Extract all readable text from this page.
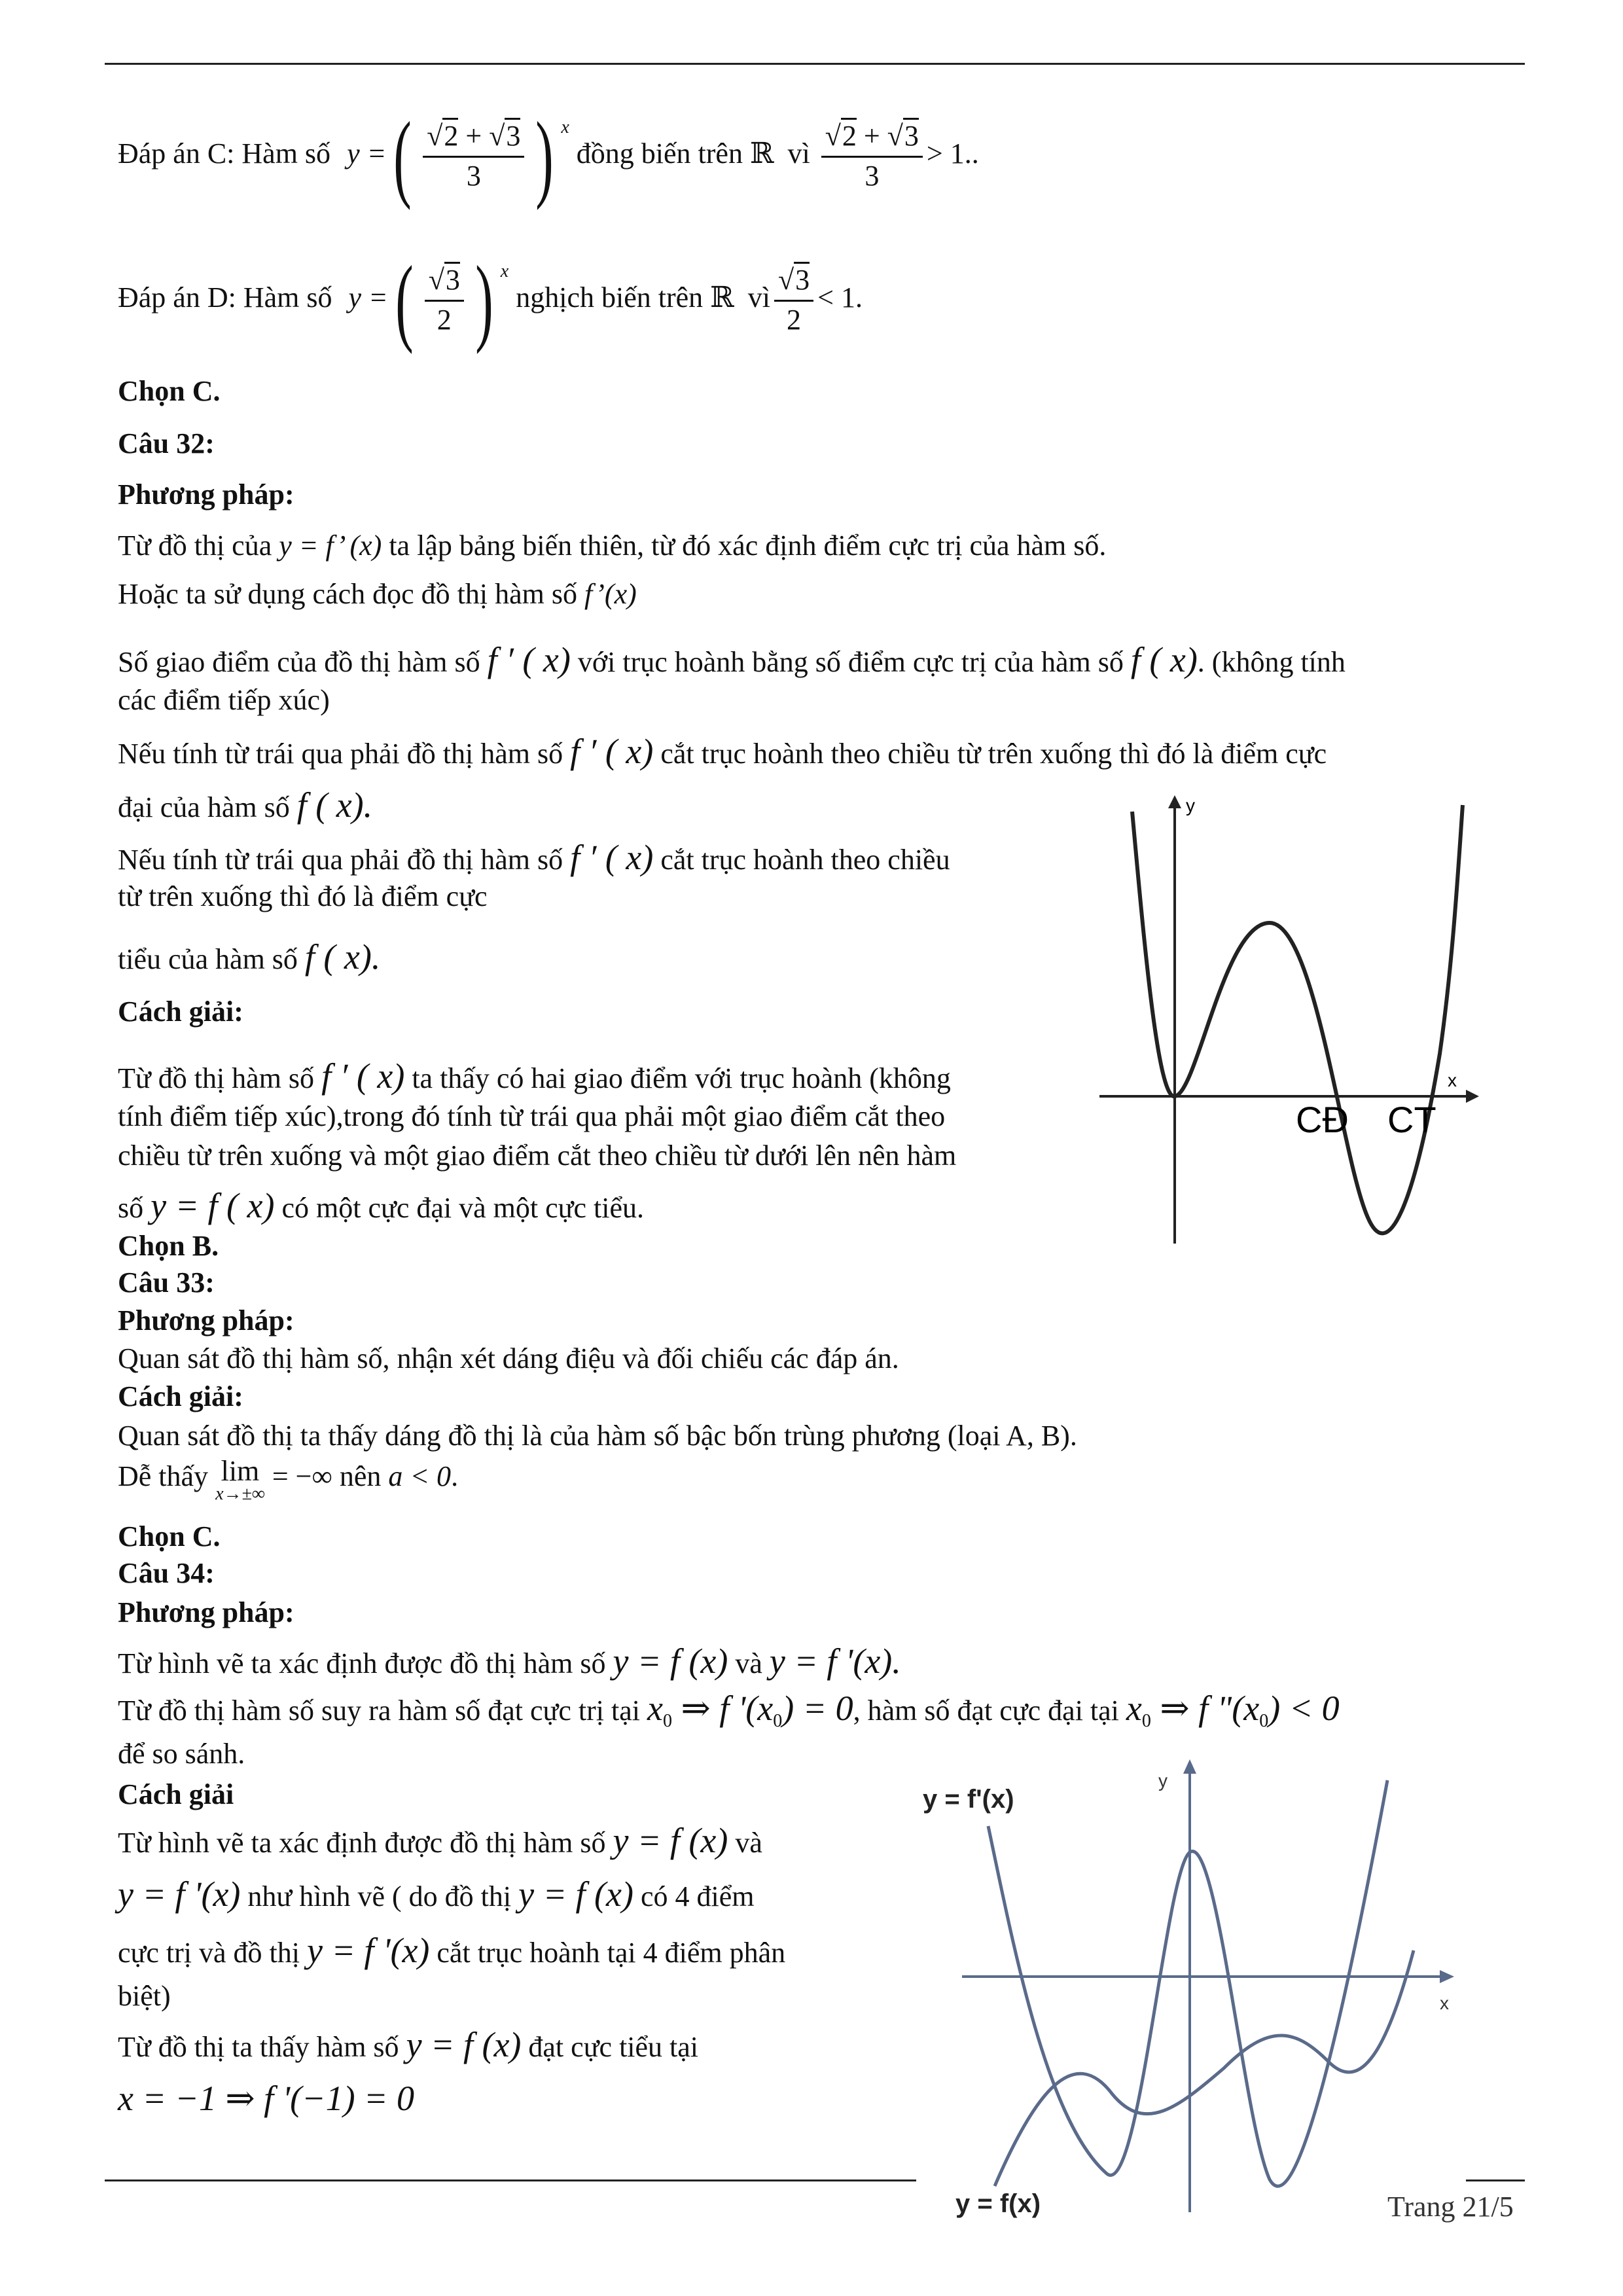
Đáp án C: Hàm số y =( $\frac{√2 + √3}{3}$ ) $^x$ đồng biến trên ℝ vì $\frac{√2 + √3}{3} > 1$..
Đáp án D: Hàm số y =( $\frac{√3}{2}$ ) $^x$ nghịch biến trên ℝ vì $\frac{√3}{2} < 1$.
Chọn C.
Câu 32:
Phương pháp:
Từ đồ thị của y = f’ (x) ta lập bảng biến thiên, từ đó xác định điểm cực trị của hàm số.
Hoặc ta sử dụng cách đọc đồ thị hàm số f’(x)
Số giao điểm của đồ thị hàm số f ′ ( x) với trục hoành bằng số điểm cực trị của hàm số f ( x). (không tính
các điểm tiếp xúc)
Nếu tính từ trái qua phải đồ thị hàm số f ′ ( x) cắt trục hoành theo chiều từ trên xuống thì đó là điểm cực
đại của hàm số f ( x).
Nếu tính từ trái qua phải đồ thị hàm số f ′ ( x) cắt trục hoành theo chiều
từ trên xuống thì đó là điểm cực
tiểu của hàm số f ( x).
Cách giải:
Từ đồ thị hàm số f ′ ( x) ta thấy có hai giao điểm với trục hoành (không
tính điểm tiếp xúc),trong đó tính từ trái qua phải một giao điểm cắt theo
chiều từ trên xuống và một giao điểm cắt theo chiều từ dưới lên nên hàm
số y = f ( x) có một cực đại và một cực tiểu.
Chọn B.
Câu 33:
Phương pháp:
Quan sát đồ thị hàm số, nhận xét dáng điệu và đối chiếu các đáp án.
Cách giải:
Quan sát đồ thị ta thấy dáng đồ thị là của hàm số bậc bốn trùng phương (loại A, B).
Dễ thấy lim
x→±∞
= −∞ nên a < 0.
Chọn C.
Câu 34:
Phương pháp:
Từ hình vẽ ta xác định được đồ thị hàm số y = f (x) và y = f '(x).
Từ đồ thị hàm số suy ra hàm số đạt cực trị tại $x_0$ ⇒ f '$(x_0) = 0$, hàm số đạt cực đại tại $x_0$ ⇒ f "$(x_0) < 0$
để so sánh.
Cách giải
Từ hình vẽ ta xác định được đồ thị hàm số y = f (x) và
y = f '(x) như hình vẽ ( do đồ thị y = f (x) có 4 điểm
cực trị và đồ thị y = f '(x) cắt trục hoành tại 4 điểm phân
biệt)
Từ đồ thị ta thấy hàm số y = f (x) đạt cực tiểu tại
x = −1 ⇒ f '(−1) = 0
y
x
CĐ CT
y
x
y = f'(x)
y = f(x)	Trang 21/5
